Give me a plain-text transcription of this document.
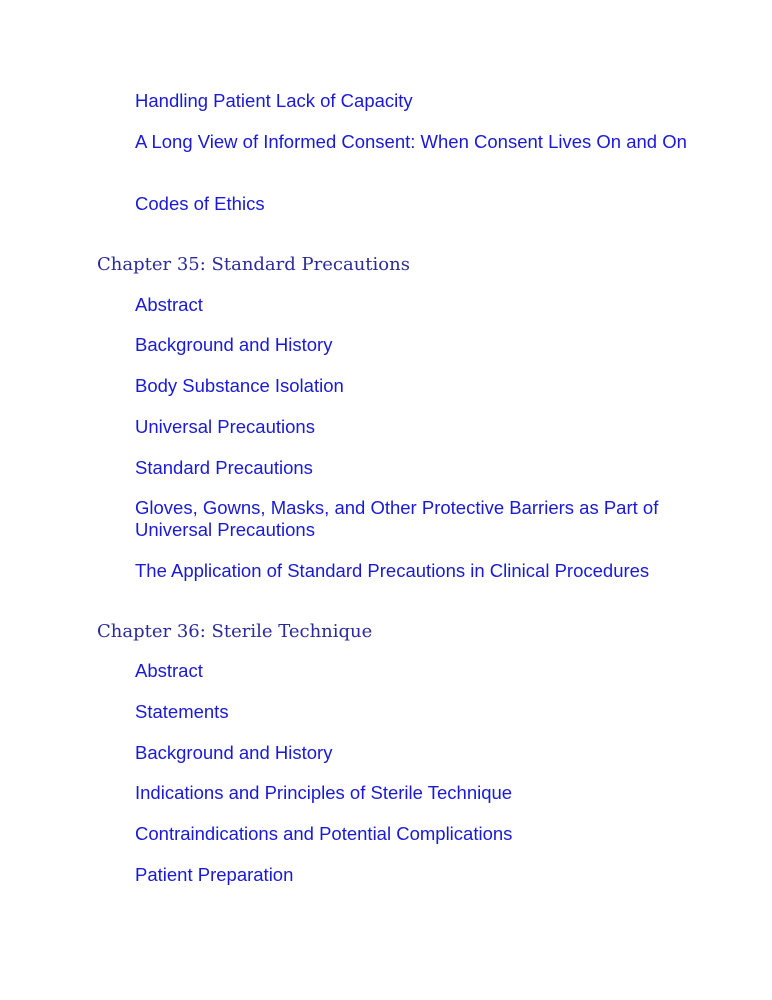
Handling Patient Lack of Capacity
A Long View of Informed Consent: When Consent Lives On and On
Codes of Ethics
Chapter 35: Standard Precautions
Abstract
Background and History
Body Substance Isolation
Universal Precautions
Standard Precautions
Gloves, Gowns, Masks, and Other Protective Barriers as Part of Universal Precautions
The Application of Standard Precautions in Clinical Procedures
Chapter 36: Sterile Technique
Abstract
Statements
Background and History
Indications and Principles of Sterile Technique
Contraindications and Potential Complications
Patient Preparation
